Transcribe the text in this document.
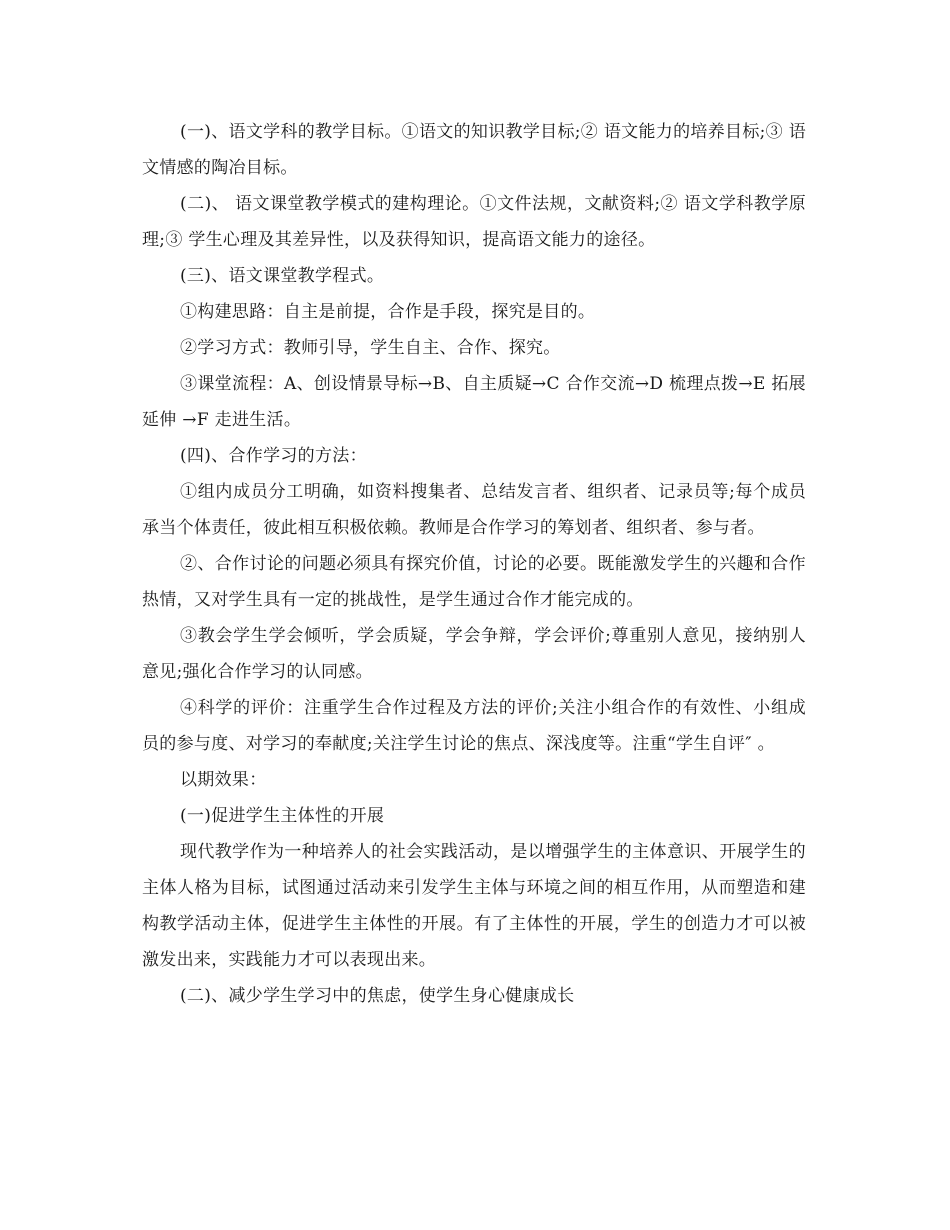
(一)、语文学科的教学目标。①语文的知识教学目标;② 语文能力的培养目标;③ 语文情感的陶冶目标。

(二)、 语文课堂教学模式的建构理论。①文件法规，文献资料;② 语文学科教学原理;③ 学生心理及其差异性，以及获得知识，提高语文能力的途径。

(三)、语文课堂教学程式。

①构建思路：自主是前提，合作是手段，探究是目的。

②学习方式：教师引导，学生自主、合作、探究。

③课堂流程：A、创设情景导标→B、自主质疑→C 合作交流→D 梳理点拨→E 拓展延伸 →F 走进生活。

(四)、合作学习的方法：

①组内成员分工明确，如资料搜集者、总结发言者、组织者、记录员等;每个成员承当个体责任，彼此相互积极依赖。教师是合作学习的筹划者、组织者、参与者。

②、合作讨论的问题必须具有探究价值，讨论的必要。既能激发学生的兴趣和合作热情，又对学生具有一定的挑战性，是学生通过合作才能完成的。

③教会学生学会倾听，学会质疑，学会争辩，学会评价;尊重别人意见，接纳别人意见;强化合作学习的认同感。

④科学的评价：注重学生合作过程及方法的评价;关注小组合作的有效性、小组成员的参与度、对学习的奉献度;关注学生讨论的焦点、深浅度等。注重“学生自评″ 。

以期效果：

(一)促进学生主体性的开展

现代教学作为一种培养人的社会实践活动，是以增强学生的主体意识、开展学生的主体人格为目标，试图通过活动来引发学生主体与环境之间的相互作用，从而塑造和建构教学活动主体，促进学生主体性的开展。有了主体性的开展，学生的创造力才可以被激发出来，实践能力才可以表现出来。

(二)、减少学生学习中的焦虑，使学生身心健康成长
